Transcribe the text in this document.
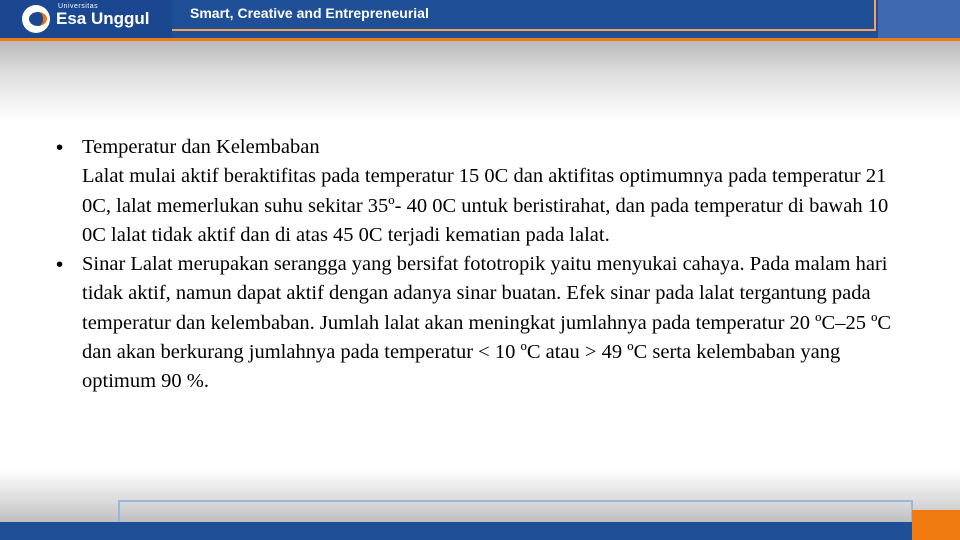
Universitas
Esa Unggul	Smart, Creative and Entrepreneurial
• Temperatur dan Kelembaban
Lalat mulai aktif beraktifitas pada temperatur 15 0C dan aktifitas optimumnya pada temperatur 21 0C, lalat memerlukan suhu sekitar 35º- 40 0C untuk beristirahat, dan pada temperatur di bawah 10 0C lalat tidak aktif dan di atas 45 0C terjadi kematian pada lalat.
• Sinar Lalat merupakan serangga yang bersifat fototropik yaitu menyukai cahaya. Pada malam hari tidak aktif, namun dapat aktif dengan adanya sinar buatan. Efek sinar pada lalat tergantung pada temperatur dan kelembaban. Jumlah lalat akan meningkat jumlahnya pada temperatur 20 ºC–25 ºC dan akan berkurang jumlahnya pada temperatur < 10 ºC atau > 49 ºC serta kelembaban yang optimum 90 %.
